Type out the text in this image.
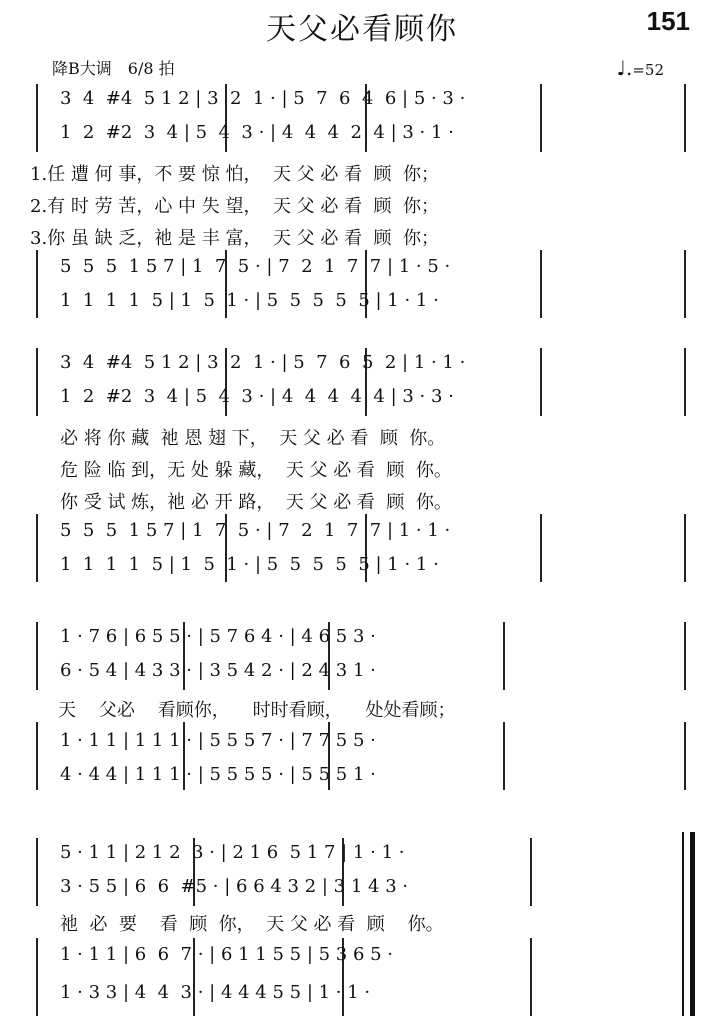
天父必看顾你	151
降B大调　6/8 拍	♩.=52
3  4  #4  5 1 2 | 3  2  1 · | 5  7  6  4  6 | 5 · 3 ·
1  2  #2  3  4 | 5  4  3 · | 4  4  4  2  4 | 3 · 1 ·
1.任 遭 何 事，不 要 惊 怕，  天 父 必 看  顾  你；
2.有 时 劳 苦，心 中 失 望，  天 父 必 看  顾  你；
3.你 虽 缺 乏，祂 是 丰 富，  天 父 必 看  顾  你；
5  5  5  1 5 7 | 1  7  5 · | 7  2  1  7  7 | 1 · 5 ·
1  1  1  1  5 | 1  5  1 · | 5  5  5  5  5 | 1 · 1 ·
3  4  #4  5 1 2 | 3  2  1 · | 5  7  6  5  2 | 1 · 1 ·
1  2  #2  3  4 | 5  4  3 · | 4  4  4  4  4 | 3 · 3 ·
必 将 你 藏  祂 恩 翅 下，  天 父 必 看  顾  你。
危 险 临 到，无 处 躲 藏，  天 父 必 看  顾  你。
你 受 试 炼，祂 必 开 路，  天 父 必 看  顾  你。
5  5  5  1 5 7 | 1  7  5 · | 7  2  1  7  7 | 1 · 1 ·
1  1  1  1  5 | 1  5  1 · | 5  5  5  5  5 | 1 · 1 ·
1 · 7 6 | 6 5 5 · | 5 7 6 4 · | 4 6 5 3 ·
6 · 5 4 | 4 3 3 · | 3 5 4 2 · | 2 4 3 1 ·
天    父必    看顾你，    时时看顾，    处处看顾；
1 · 1 1 | 1 1 1 · | 5 5 5 7 · | 7 7 5 5 ·
4 · 4 4 | 1 1 1 · | 5 5 5 5 · | 5 5 5 1 ·
5 · 1 1 | 2 1 2  3 · | 2 1 6  5 1 7 | 1 · 1 ·
3 · 5 5 | 6  6  #5 · | 6 6 4 3 2 | 3 1 4 3 ·
祂  必  要    看  顾  你，  天 父 必 看  顾    你。
1 · 1 1 | 6  6  7 · | 6 1 1 5 5 | 5 3 6 5 ·
1 · 3 3 | 4  4  3 · | 4 4 4 5 5 | 1 · 1 ·
